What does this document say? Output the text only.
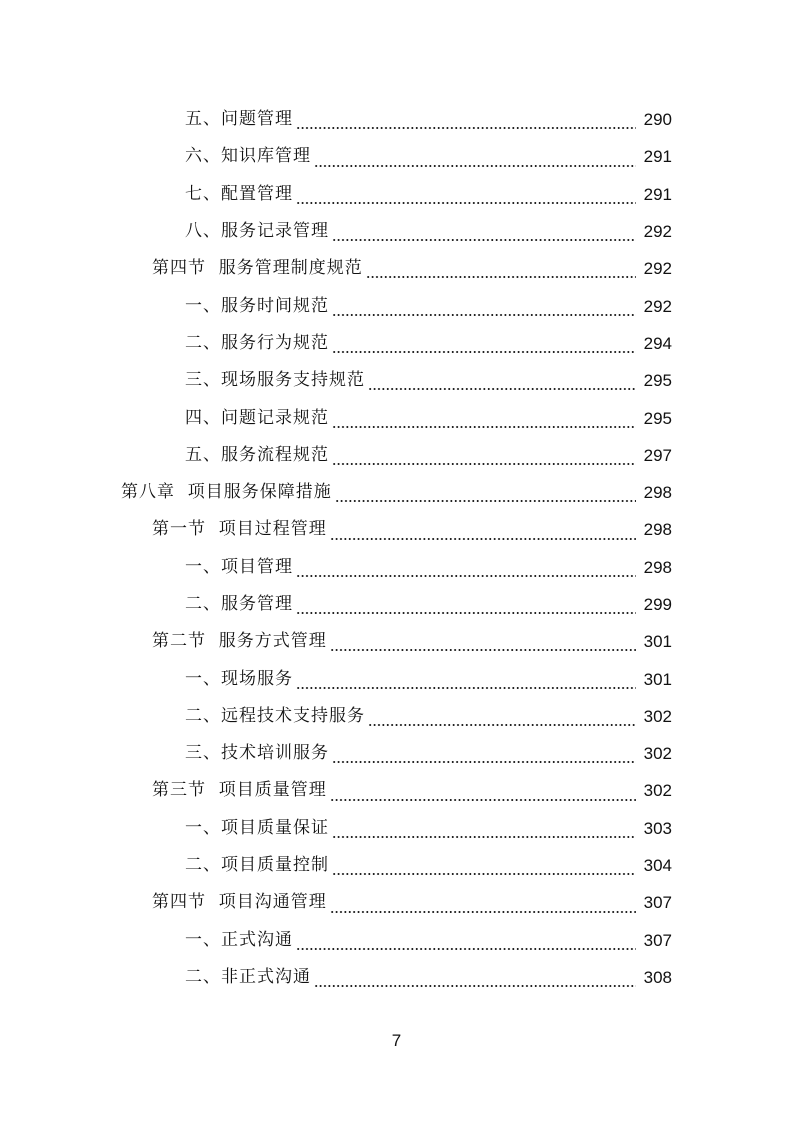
五、问题管理	290
六、知识库管理	291
七、配置管理	291
八、服务记录管理	292
第四节  服务管理制度规范	292
一、服务时间规范	292
二、服务行为规范	294
三、现场服务支持规范	295
四、问题记录规范	295
五、服务流程规范	297
第八章  项目服务保障措施	298
第一节  项目过程管理	298
一、项目管理	298
二、服务管理	299
第二节  服务方式管理	301
一、现场服务	301
二、远程技术支持服务	302
三、技术培训服务	302
第三节  项目质量管理	302
一、项目质量保证	303
二、项目质量控制	304
第四节  项目沟通管理	307
一、正式沟通	307
二、非正式沟通	308
7
